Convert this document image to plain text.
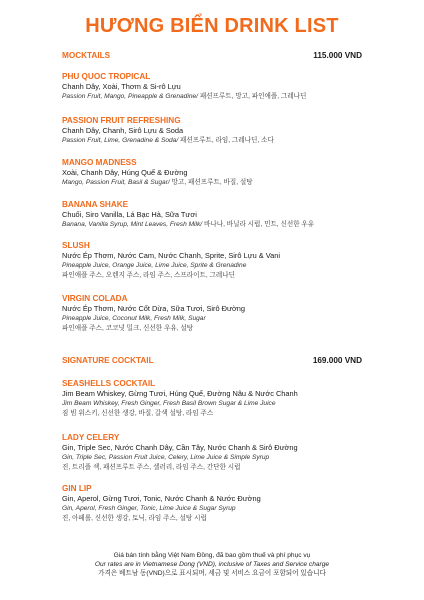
HƯƠNG BIỂN DRINK LIST
MOCKTAILS	115.000 VND
PHU QUOC TROPICAL
Chanh Dây, Xoài, Thơm & Si-rô Lựu
Passion Fruit, Mango, Pineapple & Grenadine/ 패션프루트, 망고, 파인애플, 그레나딘
PASSION FRUIT REFRESHING
Chanh Dây, Chanh, Sirô Lựu & Soda
Passion Fruit, Lime, Grenadine & Soda/ 패션프루트, 라임, 그레나딘, 소다
MANGO MADNESS
Xoài, Chanh Dây, Húng Quế & Đường
Mango, Passion Fruit, Basil & Sugar/ 망고, 패션프루트, 바질, 설탕
BANANA SHAKE
Chuối, Siro Vanilla, Lá Bạc Hà, Sữa Tươi
Banana, Vanilla Syrup, Mint Leaves, Fresh Milk/ 바나나, 바닐라 시럽, 민트, 신선한 우유
SLUSH
Nước Ép Thơm, Nước Cam, Nước Chanh, Sprite, Sirô Lựu & Vani
Pineapple Juice, Orange Juice, Lime Juice, Sprite & Grenadine
파인애플 주스, 오렌지 주스, 라임 주스, 스프라이트, 그레나딘
VIRGIN COLADA
Nước Ép Thơm, Nước Cốt Dừa, Sữa Tươi, Sirô Đường
Pineapple Juice, Coconut Milk, Fresh Milk, Sugar
파인애플 주스, 코코넛 밀크, 신선한 우유, 설탕
SIGNATURE COCKTAIL	169.000 VND
SEASHELLS COCKTAIL
Jim Beam Whiskey, Gừng Tươi, Húng Quế, Đường Nâu & Nước Chanh
Jim Beam Whiskey, Fresh Ginger, Fresh Basil Brown Sugar & Lime Juice
짐 빔 위스키, 신선한 생강, 바질, 갈색 설탕, 라임 주스
LADY CELERY
Gin, Triple Sec, Nước Chanh Dây, Cần Tây, Nước Chanh & Sirô Đường
Gin, Triple Sec, Passion Fruit Juice, Celery, Lime Juice & Simple Syrup
진, 트리플 섹, 패션프루트 주스, 셀러리, 라임 주스, 간단한 시럽
GIN LIP
Gin, Aperol, Gừng Tươi, Tonic, Nước Chanh & Nước Đường
Gin, Aperol, Fresh Ginger, Tonic, Lime Juice & Sugar Syrup
진, 아페롤, 신선한 생강, 토닉, 라임 주스, 설탕 시럽
Giá bán tính bằng Việt Nam Đồng, đã bao gồm thuế và phí phục vụ
Our rates are in Vietnamese Dong (VND), inclusive of Taxes and Service charge
가격은 베트남 동(VND)으로 표시되며, 세금 및 서비스 요금이 포함되어 있습니다
